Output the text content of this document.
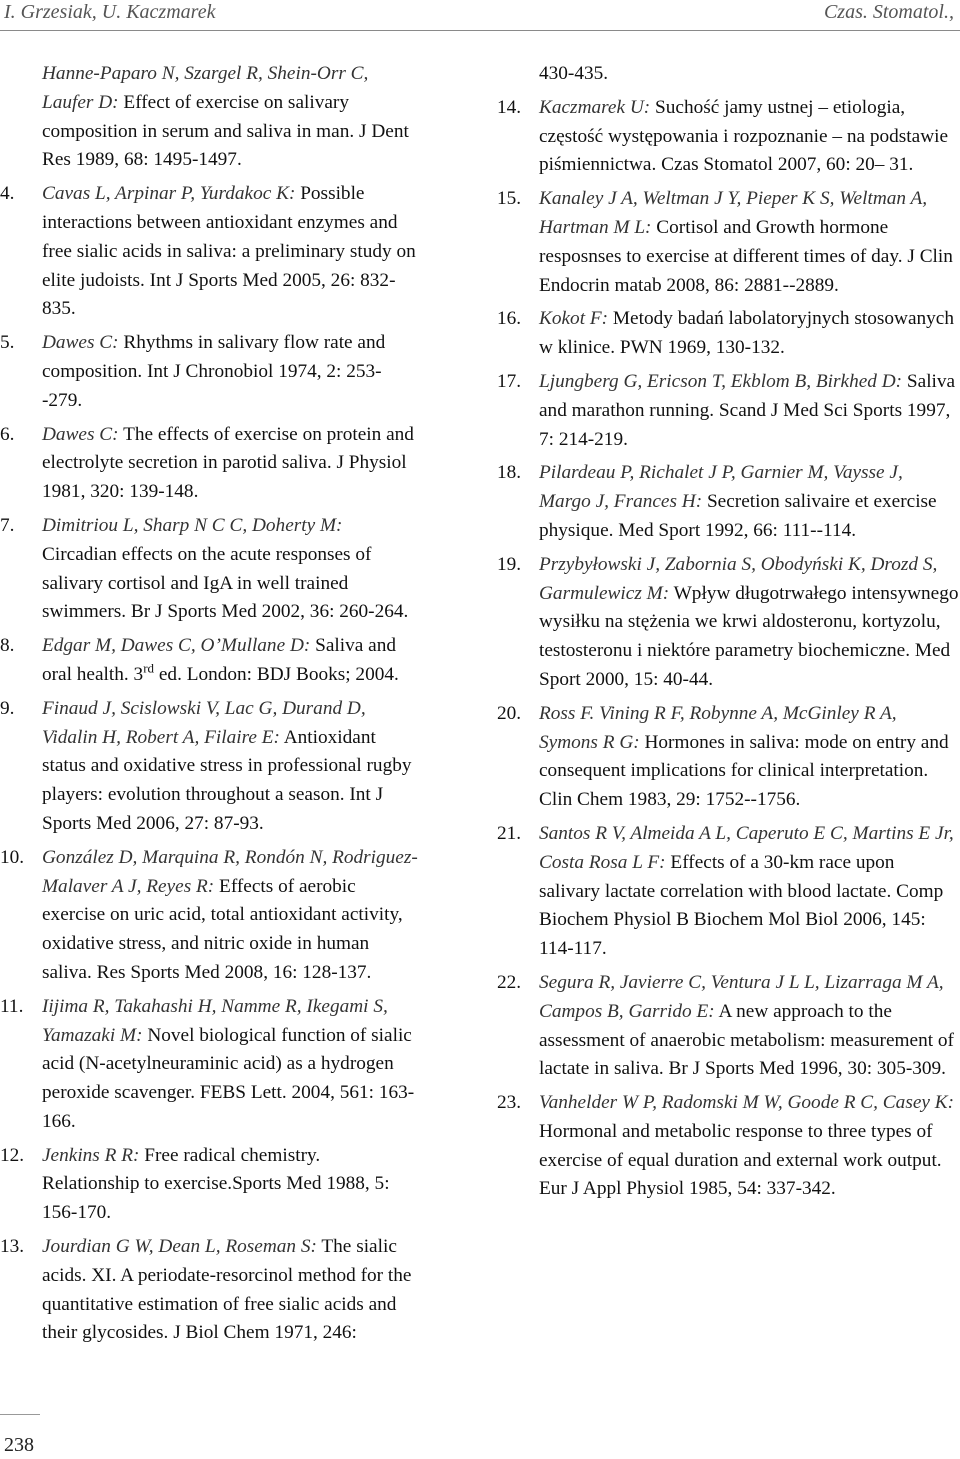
I. Grzesiak, U. Kaczmarek	Czas. Stomatol.,
Hanne-Paparo N, Szargel R, Shein-Orr C, Laufer D: Effect of exercise on salivary composition in serum and saliva in man. J Dent Res 1989, 68: 1495-1497.
4. Cavas L, Arpinar P, Yurdakoc K: Possible interactions between antioxidant enzymes and free sialic acids in saliva: a preliminary study on elite judoists. Int J Sports Med 2005, 26: 832-835.
5. Dawes C: Rhythms in salivary flow rate and composition. Int J Chronobiol 1974, 2: 253--279.
6. Dawes C: The effects of exercise on protein and electrolyte secretion in parotid saliva. J Physiol 1981, 320: 139-148.
7. Dimitriou L, Sharp N C C, Doherty M: Circadian effects on the acute responses of salivary cortisol and IgA in well trained swimmers. Br J Sports Med 2002, 36: 260-264.
8. Edgar M, Dawes C, O’Mullane D: Saliva and oral health. 3rd ed. London: BDJ Books; 2004.
9. Finaud J, Scislowski V, Lac G, Durand D, Vidalin H, Robert A, Filaire E: Antioxidant status and oxidative stress in professional rugby players: evolution throughout a season. Int J Sports Med 2006, 27: 87-93.
10. González D, Marquina R, Rondón N, Rodriguez-Malaver A J, Reyes R: Effects of aerobic exercise on uric acid, total antioxidant activity, oxidative stress, and nitric oxide in human saliva. Res Sports Med 2008, 16: 128-137.
11. Iijima R, Takahashi H, Namme R, Ikegami S, Yamazaki M: Novel biological function of sialic acid (N-acetylneuraminic acid) as a hydrogen peroxide scavenger. FEBS Lett. 2004, 561: 163-166.
12. Jenkins R R: Free radical chemistry. Relationship to exercise.Sports Med 1988, 5: 156-170.
13. Jourdian G W, Dean L, Roseman S: The sialic acids. XI. A periodate-resorcinol method for the quantitative estimation of free sialic acids and their glycosides. J Biol Chem 1971, 246:
430-435.
14. Kaczmarek U: Suchość jamy ustnej – etiologia, częstość występowania i rozpoznanie – na podstawie piśmiennictwa. Czas Stomatol 2007, 60: 20– 31.
15. Kanaley J A, Weltman J Y, Pieper K S, Weltman A, Hartman M L: Cortisol and Growth hormone resposnses to exercise at different times of day. J Clin Endocrin matab 2008, 86: 2881--2889.
16. Kokot F: Metody badań labolatoryjnych stosowanych w klinice. PWN 1969, 130-132.
17. Ljungberg G, Ericson T, Ekblom B, Birkhed D: Saliva and marathon running. Scand J Med Sci Sports 1997, 7: 214-219.
18. Pilardeau P, Richalet J P, Garnier M, Vaysse J, Margo J, Frances H: Secretion salivaire et exercise physique. Med Sport 1992, 66: 111--114.
19. Przybyłowski J, Zabornia S, Obodyński K, Drozd S, Garmulewicz M: Wpływ długotrwałego intensywnego wysiłku na stężenia we krwi aldosteronu, kortyzolu, testosteronu i niektóre parametry biochemiczne. Med Sport 2000, 15: 40-44.
20. Ross F. Vining R F, Robynne A, McGinley R A, Symons R G: Hormones in saliva: mode on entry and consequent implications for clinical interpretation. Clin Chem 1983, 29: 1752--1756.
21. Santos R V, Almeida A L, Caperuto E C, Martins E Jr, Costa Rosa L F: Effects of a 30-km race upon salivary lactate correlation with blood lactate. Comp Biochem Physiol B Biochem Mol Biol 2006, 145: 114-117.
22. Segura R, Javierre C, Ventura J L L, Lizarraga M A, Campos B, Garrido E: A new approach to the assessment of anaerobic metabolism: measurement of lactate in saliva. Br J Sports Med 1996, 30: 305-309.
23. Vanhelder W P, Radomski M W, Goode R C, Casey K: Hormonal and metabolic response to three types of exercise of equal duration and external work output. Eur J Appl Physiol 1985, 54: 337-342.
238
